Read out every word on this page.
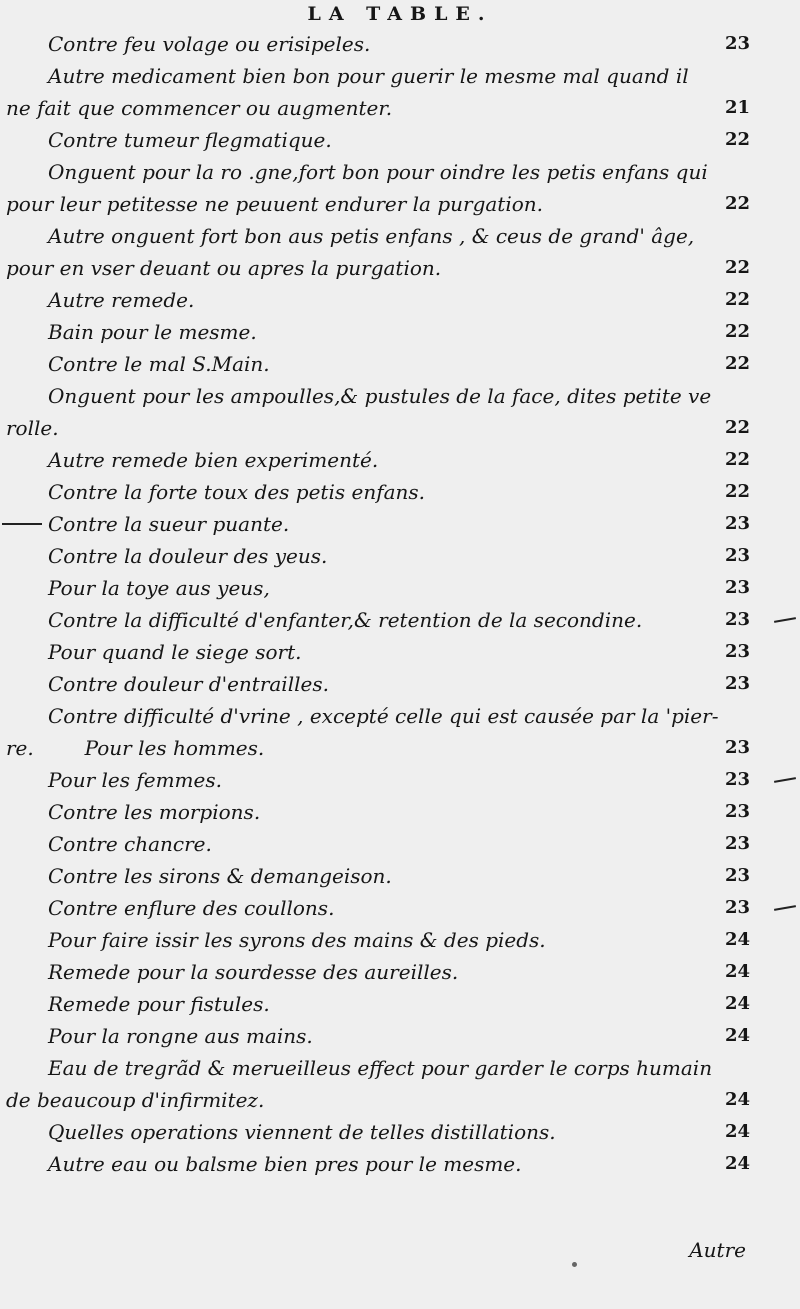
LA TABLE.
Contre feu volage ou erisipeles.	23
Autre medicament bien bon pour guerir le mesme mal quand il
ne fait que commencer ou augmenter.	21
Contre tumeur flegmatique.	22
Onguent pour la ro .gne,fort bon pour oindre les petis enfans qui
pour leur petitesse ne peuuent endurer la purgation.	22
Autre onguent fort bon aus petis enfans , & ceus de grand' âge,
pour en vser deuant ou apres la purgation.	22
Autre remede.	22
Bain pour le mesme.	22
Contre le mal S.Main.	22
Onguent pour les ampoulles,& pustules de la face, dites petite ve
rolle.	22
Autre remede bien experimenté.	22
Contre la forte toux des petis enfans.	22
Contre la sueur puante.	23
Contre la douleur des yeus.	23
Pour la toye aus yeus,	23
Contre la difficulté d'enfanter,& retention de la secondine.	23
Pour quand le siege sort.	23
Contre douleur d'entrailles.	23
Contre difficulté d'vrine , excepté celle qui est causée par la 'pier-
re.        Pour les hommes.	23
Pour les femmes.	23
Contre les morpions.	23
Contre chancre.	23
Contre les sirons & demangeison.	23
Contre enflure des coullons.	23
Pour faire issir les syrons des mains & des pieds.	24
Remede pour la sourdesse des aureilles.	24
Remede pour fistules.	24
Pour la rongne aus mains.	24
Eau de tregrãd & merueilleus effect pour garder le corps humain
de beaucoup d'infirmitez.	24
Quelles operations viennent de telles distillations.	24
Autre eau ou balsme bien pres pour le mesme.	24
Autre
